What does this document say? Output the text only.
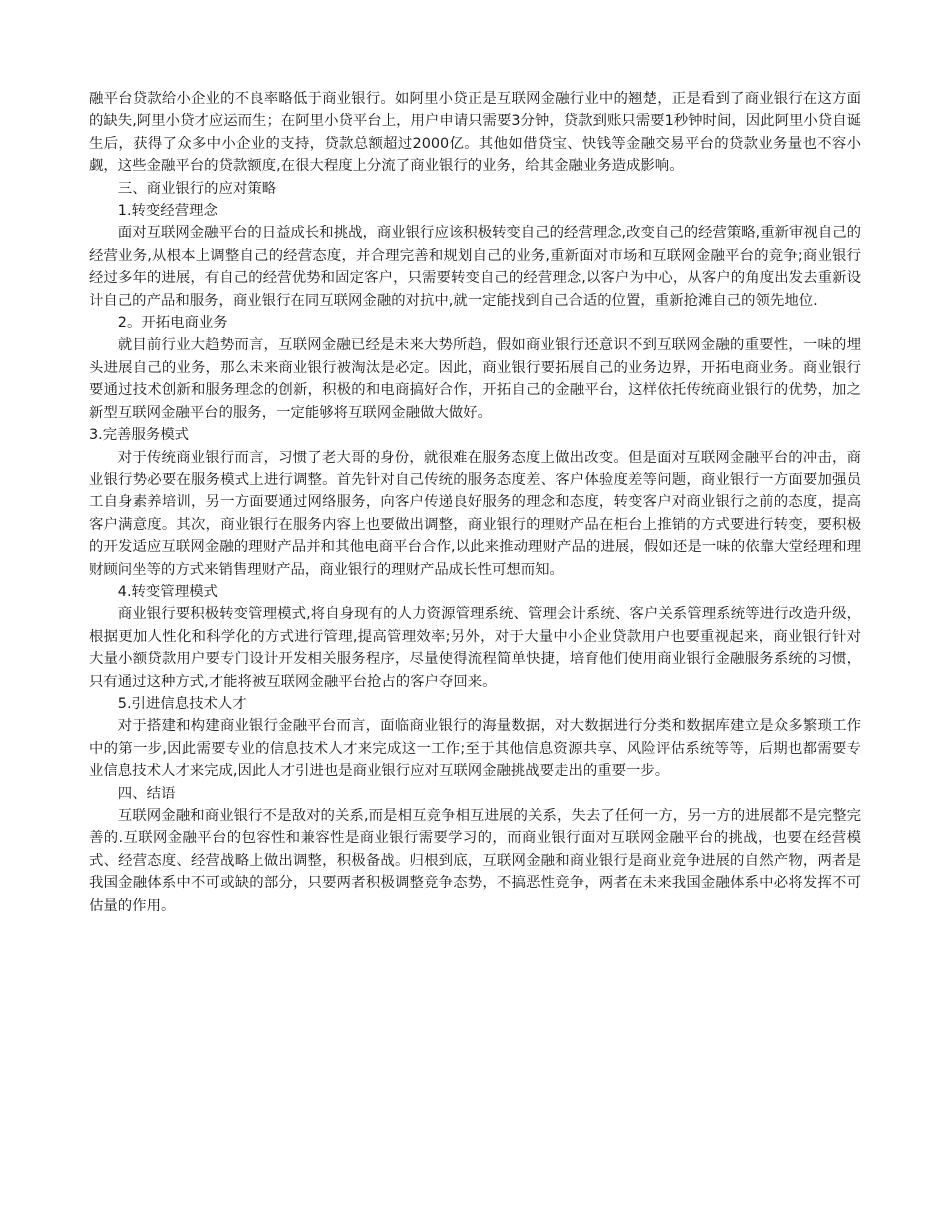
融平台贷款给小企业的不良率略低于商业银行。如阿里小贷正是互联网金融行业中的翘楚，正是看到了商业银行在这方面的缺失,阿里小贷才应运而生；在阿里小贷平台上，用户申请只需要3分钟，贷款到账只需要1秒钟时间，因此阿里小贷自诞生后，获得了众多中小企业的支持，贷款总额超过2000亿。其他如借贷宝、快钱等金融交易平台的贷款业务量也不容小觑，这些金融平台的贷款额度,在很大程度上分流了商业银行的业务，给其金融业务造成影响。

三、商业银行的应对策略
1.转变经营理念

面对互联网金融平台的日益成长和挑战，商业银行应该积极转变自己的经营理念,改变自己的经营策略,重新审视自己的经营业务,从根本上调整自己的经营态度，并合理完善和规划自己的业务,重新面对市场和互联网金融平台的竞争;商业银行经过多年的进展，有自己的经营优势和固定客户，只需要转变自己的经营理念,以客户为中心，从客户的角度出发去重新设计自己的产品和服务，商业银行在同互联网金融的对抗中,就一定能找到自己合适的位置，重新抢滩自己的领先地位.

2。开拓电商业务

就目前行业大趋势而言，互联网金融已经是未来大势所趋，假如商业银行还意识不到互联网金融的重要性，一味的埋头进展自己的业务，那么未来商业银行被淘汰是必定。因此，商业银行要拓展自己的业务边界，开拓电商业务。商业银行要通过技术创新和服务理念的创新，积极的和电商搞好合作，开拓自己的金融平台，这样依托传统商业银行的优势，加之新型互联网金融平台的服务，一定能够将互联网金融做大做好。

3.完善服务模式

对于传统商业银行而言，习惯了老大哥的身份，就很难在服务态度上做出改变。但是面对互联网金融平台的冲击，商业银行势必要在服务模式上进行调整。首先针对自己传统的服务态度差、客户体验度差等问题，商业银行一方面要加强员工自身素养培训，另一方面要通过网络服务，向客户传递良好服务的理念和态度，转变客户对商业银行之前的态度，提高客户满意度。其次，商业银行在服务内容上也要做出调整，商业银行的理财产品在柜台上推销的方式要进行转变，要积极的开发适应互联网金融的理财产品并和其他电商平台合作,以此来推动理财产品的进展，假如还是一味的依靠大堂经理和理财顾问坐等的方式来销售理财产品，商业银行的理财产品成长性可想而知。

4.转变管理模式

商业银行要积极转变管理模式,将自身现有的人力资源管理系统、管理会计系统、客户关系管理系统等进行改造升级，根据更加人性化和科学化的方式进行管理,提高管理效率;另外，对于大量中小企业贷款用户也要重视起来，商业银行针对大量小额贷款用户要专门设计开发相关服务程序，尽量使得流程简单快捷，培育他们使用商业银行金融服务系统的习惯，只有通过这种方式,才能将被互联网金融平台抢占的客户夺回来。

5.引进信息技术人才

对于搭建和构建商业银行金融平台而言，面临商业银行的海量数据，对大数据进行分类和数据库建立是众多繁琐工作中的第一步,因此需要专业的信息技术人才来完成这一工作;至于其他信息资源共享、风险评估系统等等，后期也都需要专业信息技术人才来完成,因此人才引进也是商业银行应对互联网金融挑战要走出的重要一步。

四、结语

互联网金融和商业银行不是敌对的关系,而是相互竞争相互进展的关系，失去了任何一方，另一方的进展都不是完整完善的.互联网金融平台的包容性和兼容性是商业银行需要学习的，而商业银行面对互联网金融平台的挑战，也要在经营模式、经营态度、经营战略上做出调整，积极备战。归根到底，互联网金融和商业银行是商业竞争进展的自然产物，两者是我国金融体系中不可或缺的部分，只要两者积极调整竞争态势，不搞恶性竞争，两者在未来我国金融体系中必将发挥不可估量的作用。
